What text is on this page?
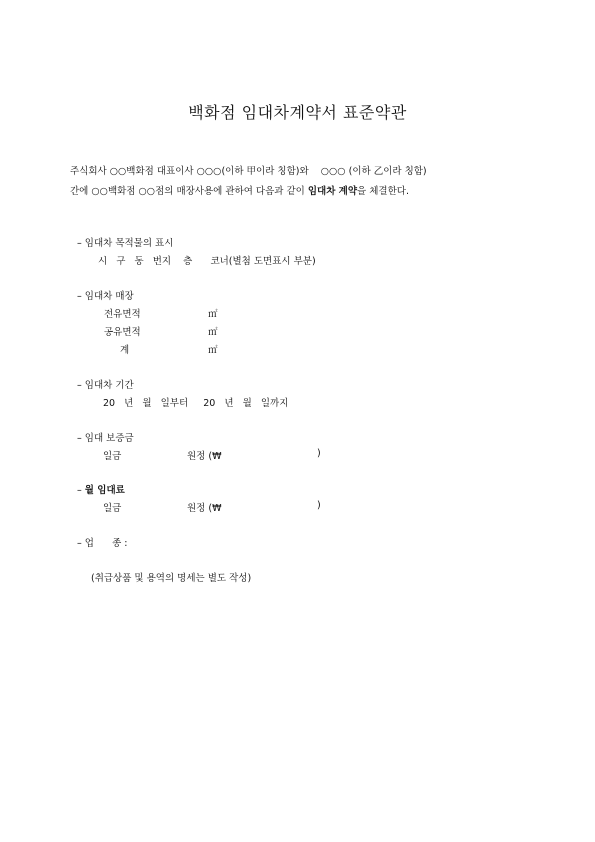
백화점 임대차계약서 표준약관
주식회사 ○○백화점 대표이사 ○○○(이하 甲이라 칭함)와    ○○○ (이하 乙이라 칭함)
간에 ○○백화점 ○○점의 매장사용에 관하여 다음과 같이 임대차 계약을 체결한다.
– 임대차 목적물의 표시
시   구   동   번지    층      코너(별첨 도면표시 부분)
– 임대차 매장
전유면적	㎡
공유면적	㎡
계	㎡
– 임대차 기간
20   년   월   일부터     20   년   월   일까지
– 임대 보증금
일금	원정 (₩	)
– 월 임대료
일금	원정 (₩	)
– 업      종 :
(취급상품 및 용역의 명세는 별도 작성)
